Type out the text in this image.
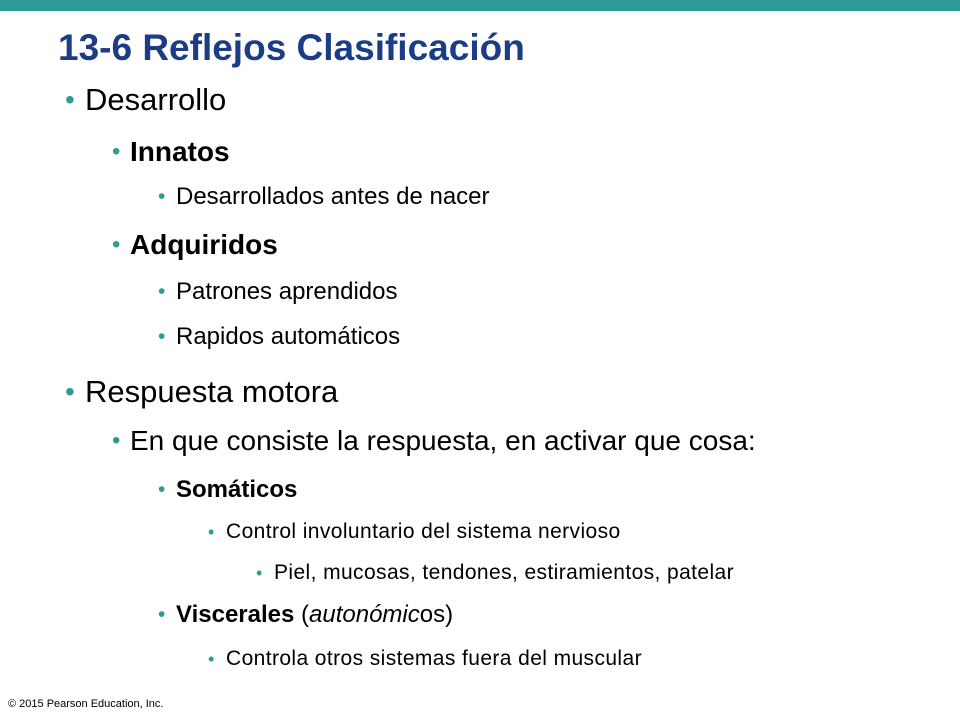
13-6 Reflejos Clasificación
• Desarrollo
• Innatos
• Desarrollados antes de nacer
• Adquiridos
• Patrones aprendidos
• Rapidos automáticos
• Respuesta motora
• En que consiste la respuesta, en activar que cosa:
• Somáticos
• Control involuntario del sistema nervioso
• Piel, mucosas, tendones, estiramientos, patelar
• Viscerales (autonómicos)
• Controla otros sistemas fuera del muscular
© 2015 Pearson Education, Inc.
